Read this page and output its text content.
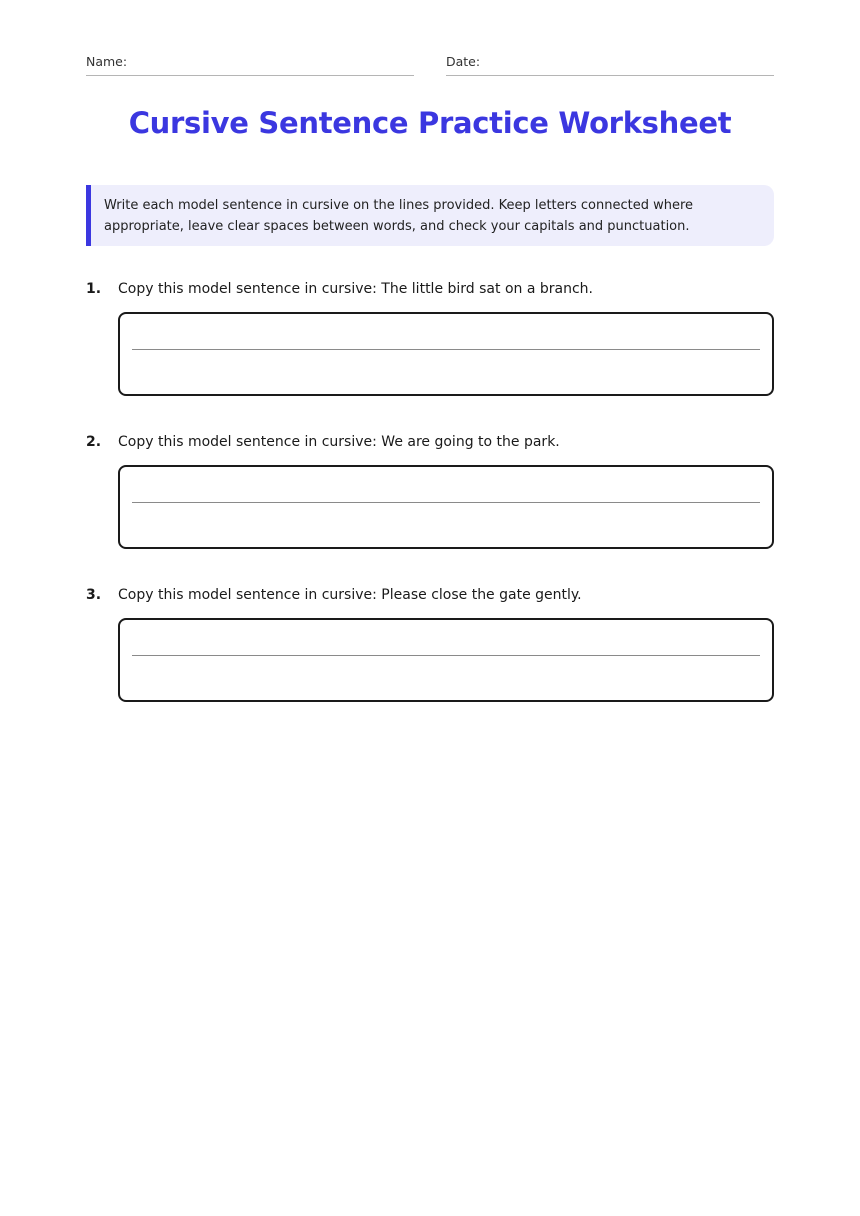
Name:	Date:
Cursive Sentence Practice Worksheet
Write each model sentence in cursive on the lines provided. Keep letters connected where appropriate, leave clear spaces between words, and check your capitals and punctuation.
1. Copy this model sentence in cursive: The little bird sat on a branch.
2. Copy this model sentence in cursive: We are going to the park.
3. Copy this model sentence in cursive: Please close the gate gently.
